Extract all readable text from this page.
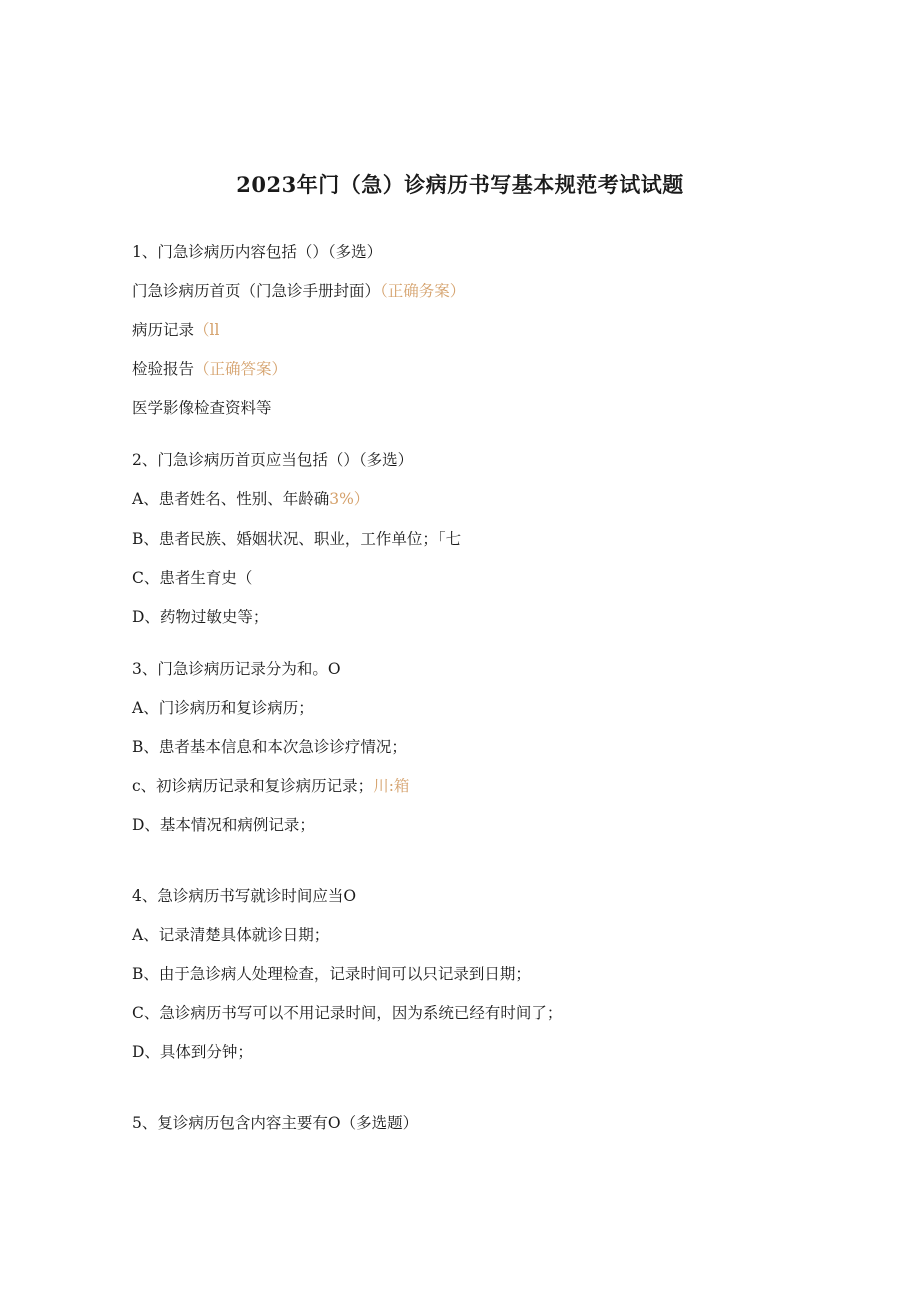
2023年门（急）诊病历书写基本规范考试试题
1、门急诊病历内容包括（）（多选）
门急诊病历首页（门急诊手册封面）（正确务案）
病历记录（ll
检验报告（正确答案）
医学影像检查资料等
2、门急诊病历首页应当包括（）（多选）
A、患者姓名、性别、年龄确3%）
B、患者民族、婚姻状况、职业，工作单位；「七
C、患者生育史（
D、药物过敏史等；
3、门急诊病历记录分为和。O
A、门诊病历和复诊病历；
B、患者基本信息和本次急诊诊疗情况；
c、初诊病历记录和复诊病历记录；川:箱
D、基本情况和病例记录；
4、急诊病历书写就诊时间应当O
A、记录清楚具体就诊日期；
B、由于急诊病人处理检查，记录时间可以只记录到日期；
C、急诊病历书写可以不用记录时间，因为系统已经有时间了；
D、具体到分钟；
5、复诊病历包含内容主要有O（多选题）
